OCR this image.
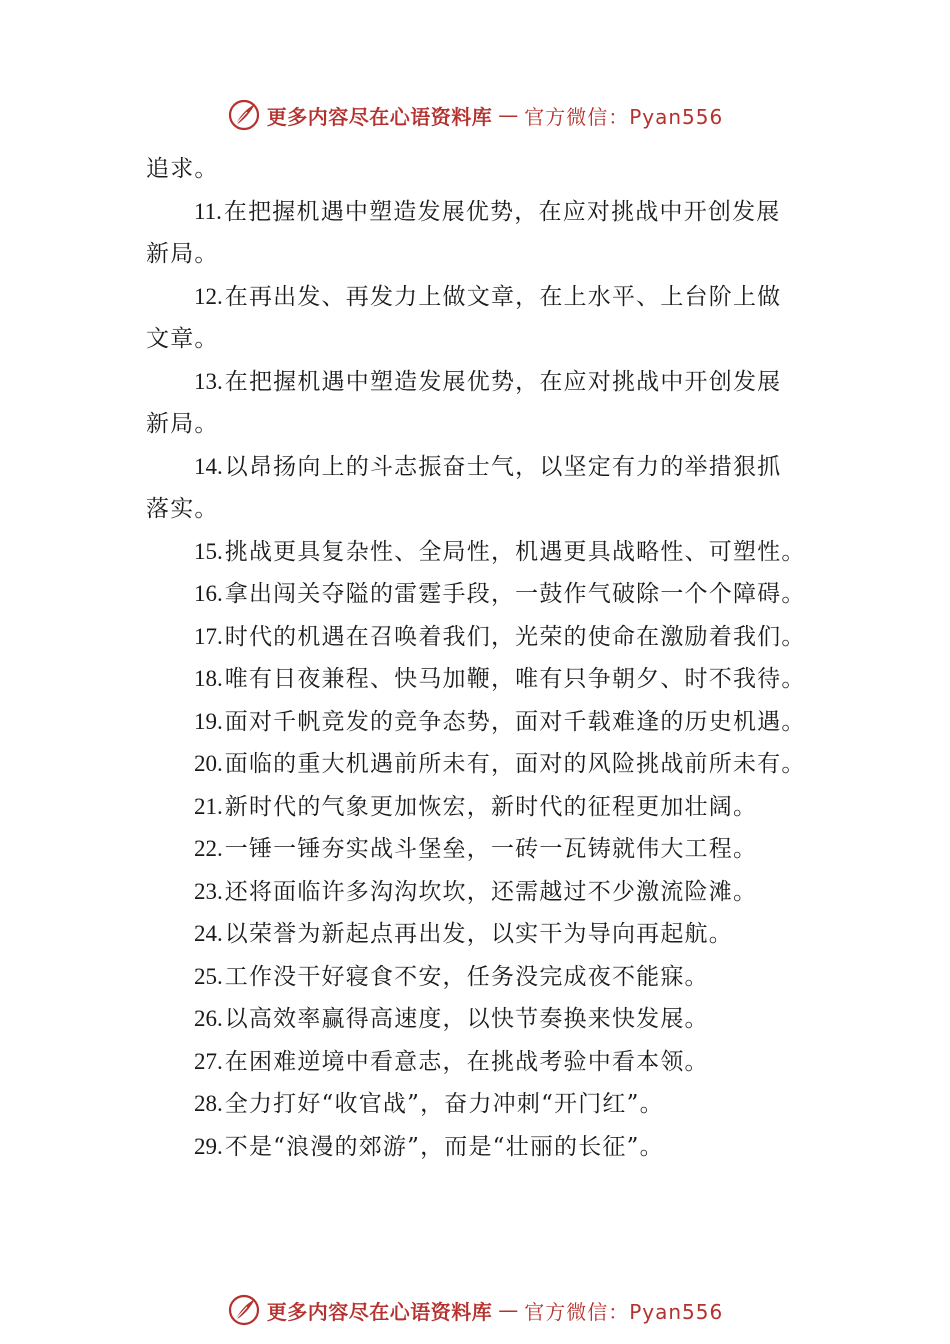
更多内容尽在心语资料库 — 官方微信：Pyan556
追求。
11.在把握机遇中塑造发展优势，在应对挑战中开创发展
新局。
12.在再出发、再发力上做文章，在上水平、上台阶上做
文章。
13.在把握机遇中塑造发展优势，在应对挑战中开创发展
新局。
14.以昂扬向上的斗志振奋士气，以坚定有力的举措狠抓
落实。
15.挑战更具复杂性、全局性，机遇更具战略性、可塑性。
16.拿出闯关夺隘的雷霆手段，一鼓作气破除一个个障碍。
17.时代的机遇在召唤着我们，光荣的使命在激励着我们。
18.唯有日夜兼程、快马加鞭，唯有只争朝夕、时不我待。
19.面对千帆竞发的竞争态势，面对千载难逢的历史机遇。
20.面临的重大机遇前所未有，面对的风险挑战前所未有。
21.新时代的气象更加恢宏，新时代的征程更加壮阔。
22.一锤一锤夯实战斗堡垒，一砖一瓦铸就伟大工程。
23.还将面临许多沟沟坎坎，还需越过不少激流险滩。
24.以荣誉为新起点再出发，以实干为导向再起航。
25.工作没干好寝食不安，任务没完成夜不能寐。
26.以高效率赢得高速度，以快节奏换来快发展。
27.在困难逆境中看意志，在挑战考验中看本领。
28.全力打好“收官战”，奋力冲刺“开门红”。
29.不是“浪漫的郊游”，而是“壮丽的长征”。
更多内容尽在心语资料库 — 官方微信：Pyan556
